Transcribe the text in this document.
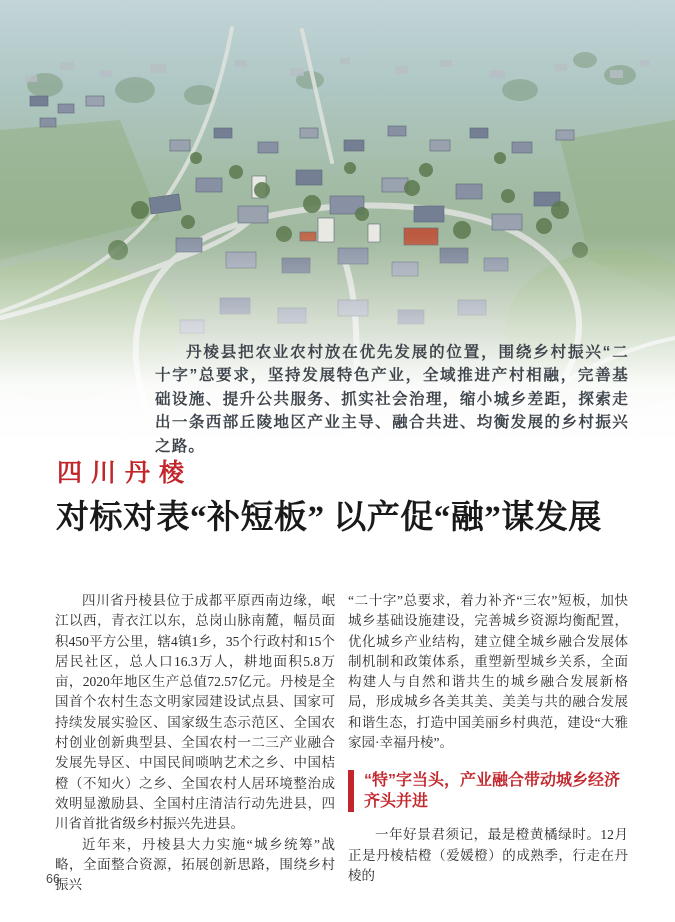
丹棱县把农业农村放在优先发展的位置，围绕乡村振兴“二十字”总要求，坚持发展特色产业，全域推进产村相融，完善基础设施、提升公共服务、抓实社会治理，缩小城乡差距，探索走出一条西部丘陵地区产业主导、融合共进、均衡发展的乡村振兴之路。

四川丹棱
对标对表“补短板” 以产促“融”谋发展

四川省丹棱县位于成都平原西南边缘，岷江以西，青衣江以东，总岗山脉南麓，幅员面积450平方公里，辖4镇1乡，35个行政村和15个居民社区，总人口16.3万人，耕地面积5.8万亩，2020年地区生产总值72.57亿元。丹棱是全国首个农村生态文明家园建设试点县、国家可持续发展实验区、国家级生态示范区、全国农村创业创新典型县、全国农村一二三产业融合发展先导区、中国民间唢呐艺术之乡、中国桔橙（不知火）之乡、全国农村人居环境整治成效明显激励县、全国村庄清洁行动先进县，四川省首批省级乡村振兴先进县。

近年来，丹棱县大力实施“城乡统筹”战略，全面整合资源，拓展创新思路，围绕乡村振兴

“二十字”总要求，着力补齐“三农”短板，加快城乡基础设施建设，完善城乡资源均衡配置，优化城乡产业结构，建立健全城乡融合发展体制机制和政策体系，重塑新型城乡关系，全面构建人与自然和谐共生的城乡融合发展新格局，形成城乡各美其美、美美与共的融合发展和谐生态，打造中国美丽乡村典范，建设“大雅家园·幸福丹棱”。

“特”字当头，产业融合带动城乡经济齐头并进

一年好景君须记，最是橙黄橘绿时。12月正是丹棱桔橙（爱媛橙）的成熟季，行走在丹棱的

66
